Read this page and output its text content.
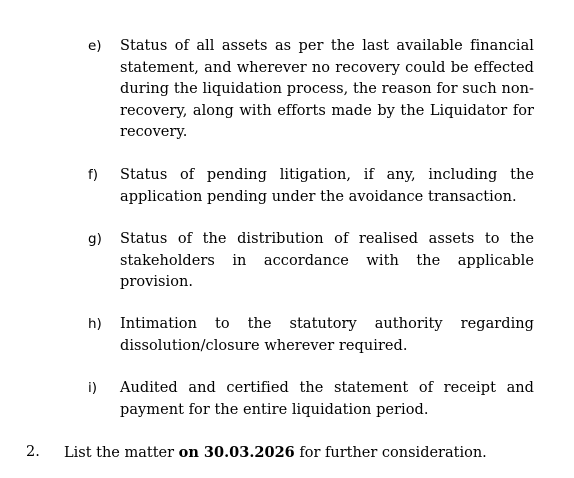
e) Status of all assets as per the last available financial statement, and wherever no recovery could be effected during the liquidation process, the reason for such non-recovery, along with efforts made by the Liquidator for recovery.
f) Status of pending litigation, if any, including the application pending under the avoidance transaction.
g) Status of the distribution of realised assets to the stakeholders in accordance with the applicable provision.
h) Intimation to the statutory authority regarding dissolution/closure wherever required.
i) Audited and certified the statement of receipt and payment for the entire liquidation period.
2. List the matter on 30.03.2026 for further consideration.
